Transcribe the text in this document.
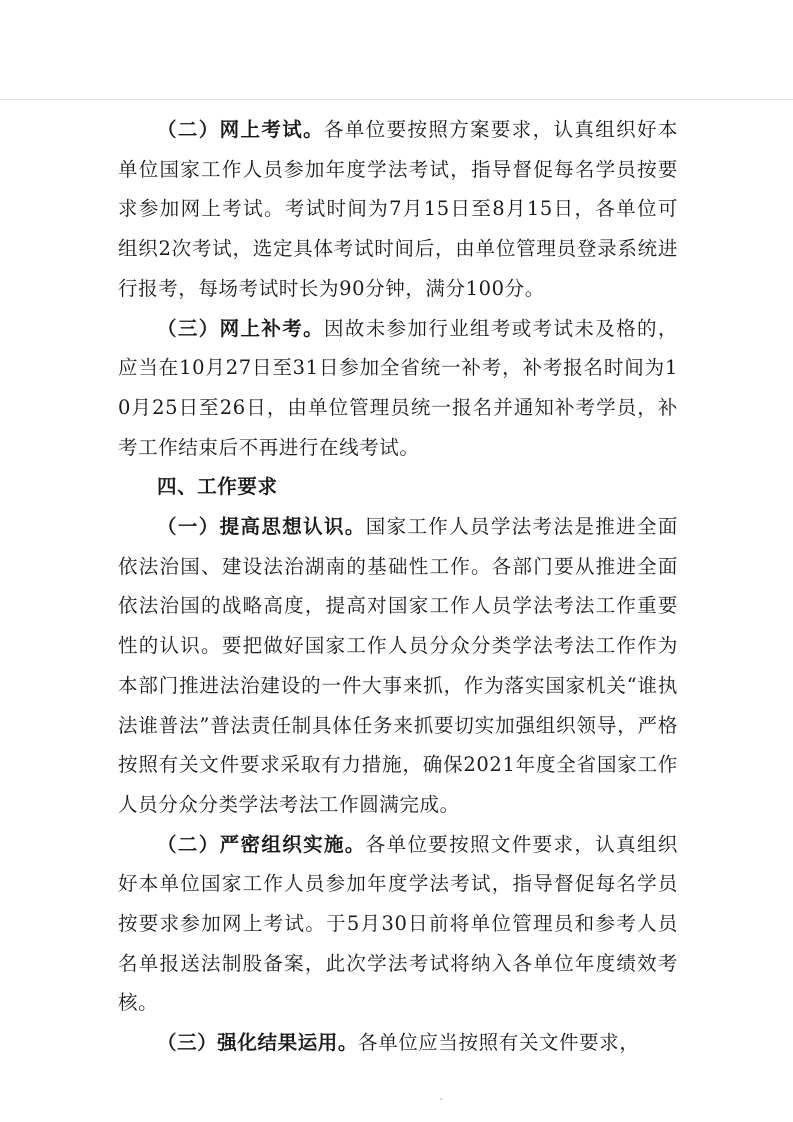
（二）网上考试。各单位要按照方案要求，认真组织好本单位国家工作人员参加年度学法考试，指导督促每名学员按要求参加网上考试。考试时间为7月15日至8月15日，各单位可组织2次考试，选定具体考试时间后，由单位管理员登录系统进行报考，每场考试时长为90分钟，满分100分。

（三）网上补考。因故未参加行业组考或考试未及格的，应当在10月27日至31日参加全省统一补考，补考报名时间为10月25日至26日，由单位管理员统一报名并通知补考学员，补考工作结束后不再进行在线考试。

四、工作要求

（一）提高思想认识。国家工作人员学法考法是推进全面依法治国、建设法治湖南的基础性工作。各部门要从推进全面依法治国的战略高度，提高对国家工作人员学法考法工作重要性的认识。要把做好国家工作人员分众分类学法考法工作作为本部门推进法治建设的一件大事来抓，作为落实国家机关“谁执法谁普法”普法责任制具体任务来抓要切实加强组织领导，严格按照有关文件要求采取有力措施，确保2021年度全省国家工作人员分众分类学法考法工作圆满完成。

（二）严密组织实施。各单位要按照文件要求，认真组织好本单位国家工作人员参加年度学法考试，指导督促每名学员按要求参加网上考试。于5月30日前将单位管理员和参考人员名单报送法制股备案，此次学法考试将纳入各单位年度绩效考核。

（三）强化结果运用。各单位应当按照有关文件要求，
